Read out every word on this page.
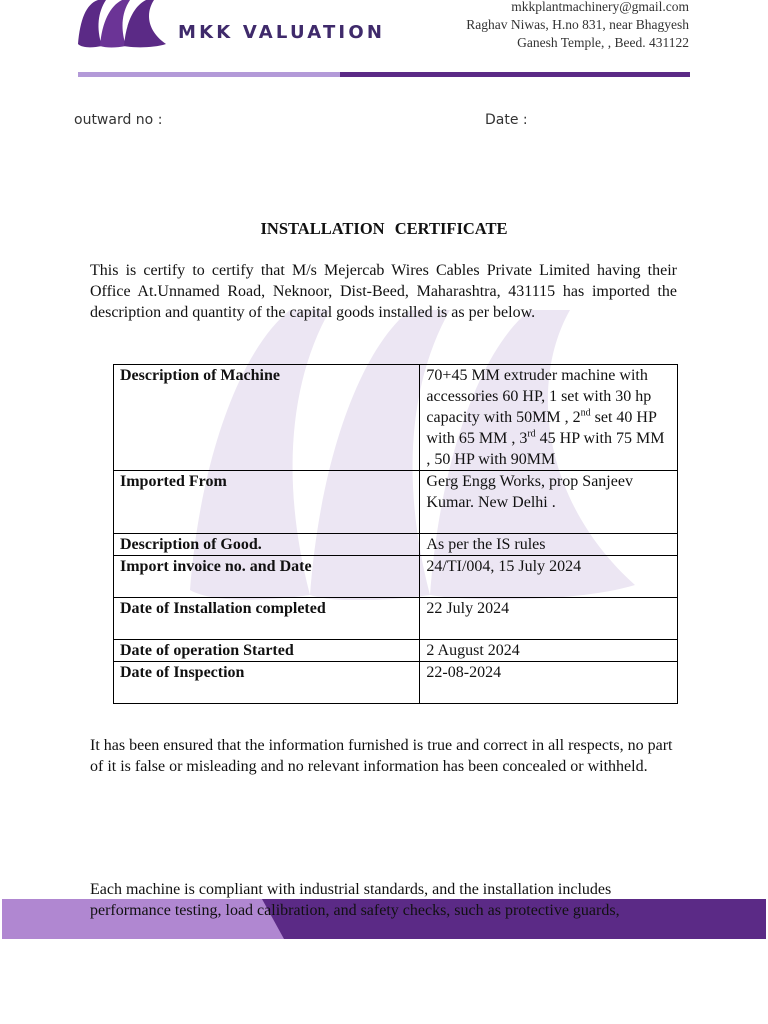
MKK VALUATION
mkkplantmachinery@gmail.com
Raghav Niwas, H.no 831, near Bhagyesh
Ganesh Temple, , Beed. 431122
outward no :	Date :
INSTALLATION CERTIFICATE
This is certify to certify that M/s Mejercab Wires Cables Private Limited having their Office At.Unnamed Road, Neknoor, Dist-Beed, Maharashtra, 431115 has imported the description and quantity of the capital goods installed is as per below.
Description of Machine	70+45 MM extruder machine with accessories 60 HP, 1 set with 30 hp capacity with 50MM , 2nd set 40 HP with 65 MM , 3rd 45 HP with 75 MM , 50 HP with 90MM
Imported From	Gerg Engg Works, prop Sanjeev Kumar. New Delhi .
Description of Good.	As per the IS rules
Import invoice no. and Date	24/TI/004, 15 July 2024
Date of Installation completed	22 July 2024
Date of operation Started	2 August 2024
Date of Inspection	22-08-2024
It has been ensured that the information furnished is true and correct in all respects, no part of it is false or misleading and no relevant information has been concealed or withheld.
Each machine is compliant with industrial standards, and the installation includes performance testing, load calibration, and safety checks, such as protective guards,
